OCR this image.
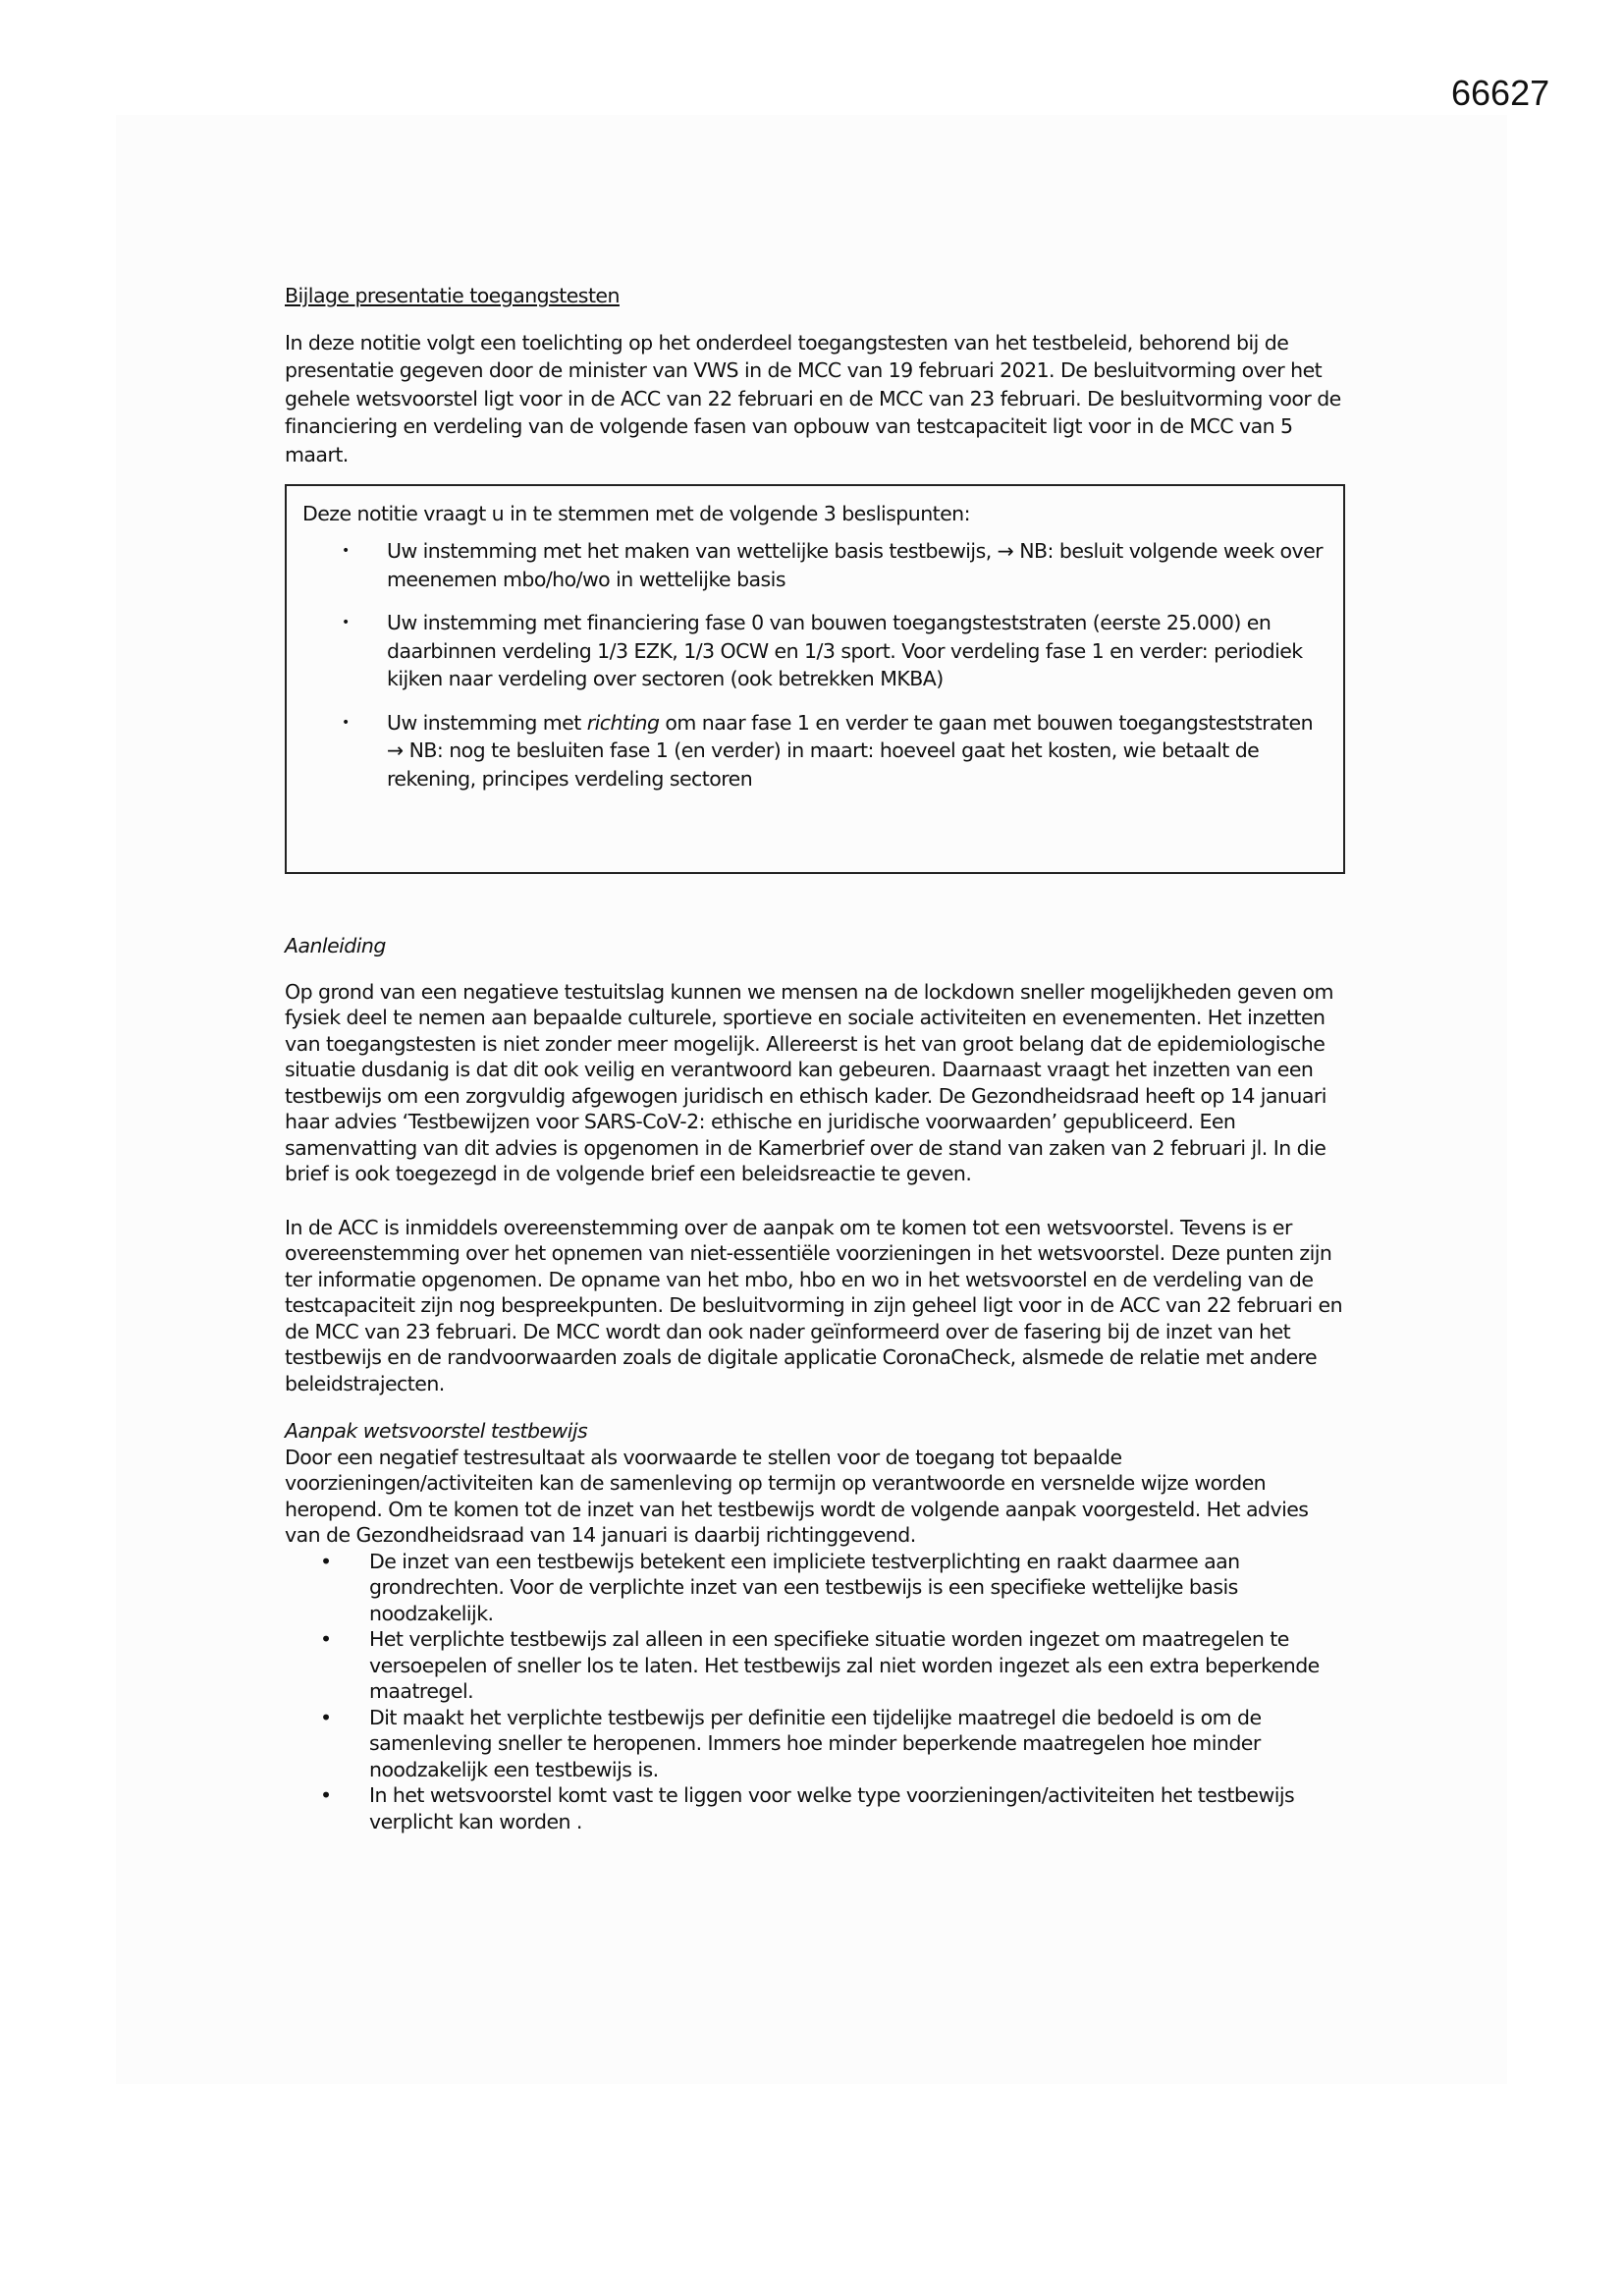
66627

Bijlage presentatie toegangstesten

In deze notitie volgt een toelichting op het onderdeel toegangstesten van het testbeleid, behorend bij de presentatie gegeven door de minister van VWS in de MCC van 19 februari 2021. De besluitvorming over het gehele wetsvoorstel ligt voor in de ACC van 22 februari en de MCC van 23 februari. De besluitvorming voor de financiering en verdeling van de volgende fasen van opbouw van testcapaciteit ligt voor in de MCC van 5 maart.

Deze notitie vraagt u in te stemmen met de volgende 3 beslispunten:

• Uw instemming met het maken van wettelijke basis testbewijs, → NB: besluit volgende week over meenemen mbo/ho/wo in wettelijke basis
• Uw instemming met financiering fase 0 van bouwen toegangsteststraten (eerste 25.000) en daarbinnen verdeling 1/3 EZK, 1/3 OCW en 1/3 sport. Voor verdeling fase 1 en verder: periodiek kijken naar verdeling over sectoren (ook betrekken MKBA)
• Uw instemming met richting om naar fase 1 en verder te gaan met bouwen toegangsteststraten → NB: nog te besluiten fase 1 (en verder) in maart: hoeveel gaat het kosten, wie betaalt de rekening, principes verdeling sectoren

Aanleiding

Op grond van een negatieve testuitslag kunnen we mensen na de lockdown sneller mogelijkheden geven om fysiek deel te nemen aan bepaalde culturele, sportieve en sociale activiteiten en evenementen. Het inzetten van toegangstesten is niet zonder meer mogelijk. Allereerst is het van groot belang dat de epidemiologische situatie dusdanig is dat dit ook veilig en verantwoord kan gebeuren. Daarnaast vraagt het inzetten van een testbewijs om een zorgvuldig afgewogen juridisch en ethisch kader. De Gezondheidsraad heeft op 14 januari haar advies ‘Testbewijzen voor SARS-CoV-2: ethische en juridische voorwaarden’ gepubliceerd. Een samenvatting van dit advies is opgenomen in de Kamerbrief over de stand van zaken van 2 februari jl. In die brief is ook toegezegd in de volgende brief een beleidsreactie te geven.

In de ACC is inmiddels overeenstemming over de aanpak om te komen tot een wetsvoorstel. Tevens is er overeenstemming over het opnemen van niet-essentiële voorzieningen in het wetsvoorstel. Deze punten zijn ter informatie opgenomen. De opname van het mbo, hbo en wo in het wetsvoorstel en de verdeling van de testcapaciteit zijn nog bespreekpunten. De besluitvorming in zijn geheel ligt voor in de ACC van 22 februari en de MCC van 23 februari. De MCC wordt dan ook nader geïnformeerd over de fasering bij de inzet van het testbewijs en de randvoorwaarden zoals de digitale applicatie CoronaCheck, alsmede de relatie met andere beleidstrajecten.

Aanpak wetsvoorstel testbewijs

Door een negatief testresultaat als voorwaarde te stellen voor de toegang tot bepaalde voorzieningen/activiteiten kan de samenleving op termijn op verantwoorde en versnelde wijze worden heropend. Om te komen tot de inzet van het testbewijs wordt de volgende aanpak voorgesteld. Het advies van de Gezondheidsraad van 14 januari is daarbij richtinggevend.

• De inzet van een testbewijs betekent een impliciete testverplichting en raakt daarmee aan grondrechten. Voor de verplichte inzet van een testbewijs is een specifieke wettelijke basis noodzakelijk.
• Het verplichte testbewijs zal alleen in een specifieke situatie worden ingezet om maatregelen te versoepelen of sneller los te laten. Het testbewijs zal niet worden ingezet als een extra beperkende maatregel.
• Dit maakt het verplichte testbewijs per definitie een tijdelijke maatregel die bedoeld is om de samenleving sneller te heropenen. Immers hoe minder beperkende maatregelen hoe minder noodzakelijk een testbewijs is.
• In het wetsvoorstel komt vast te liggen voor welke type voorzieningen/activiteiten het testbewijs verplicht kan worden .
